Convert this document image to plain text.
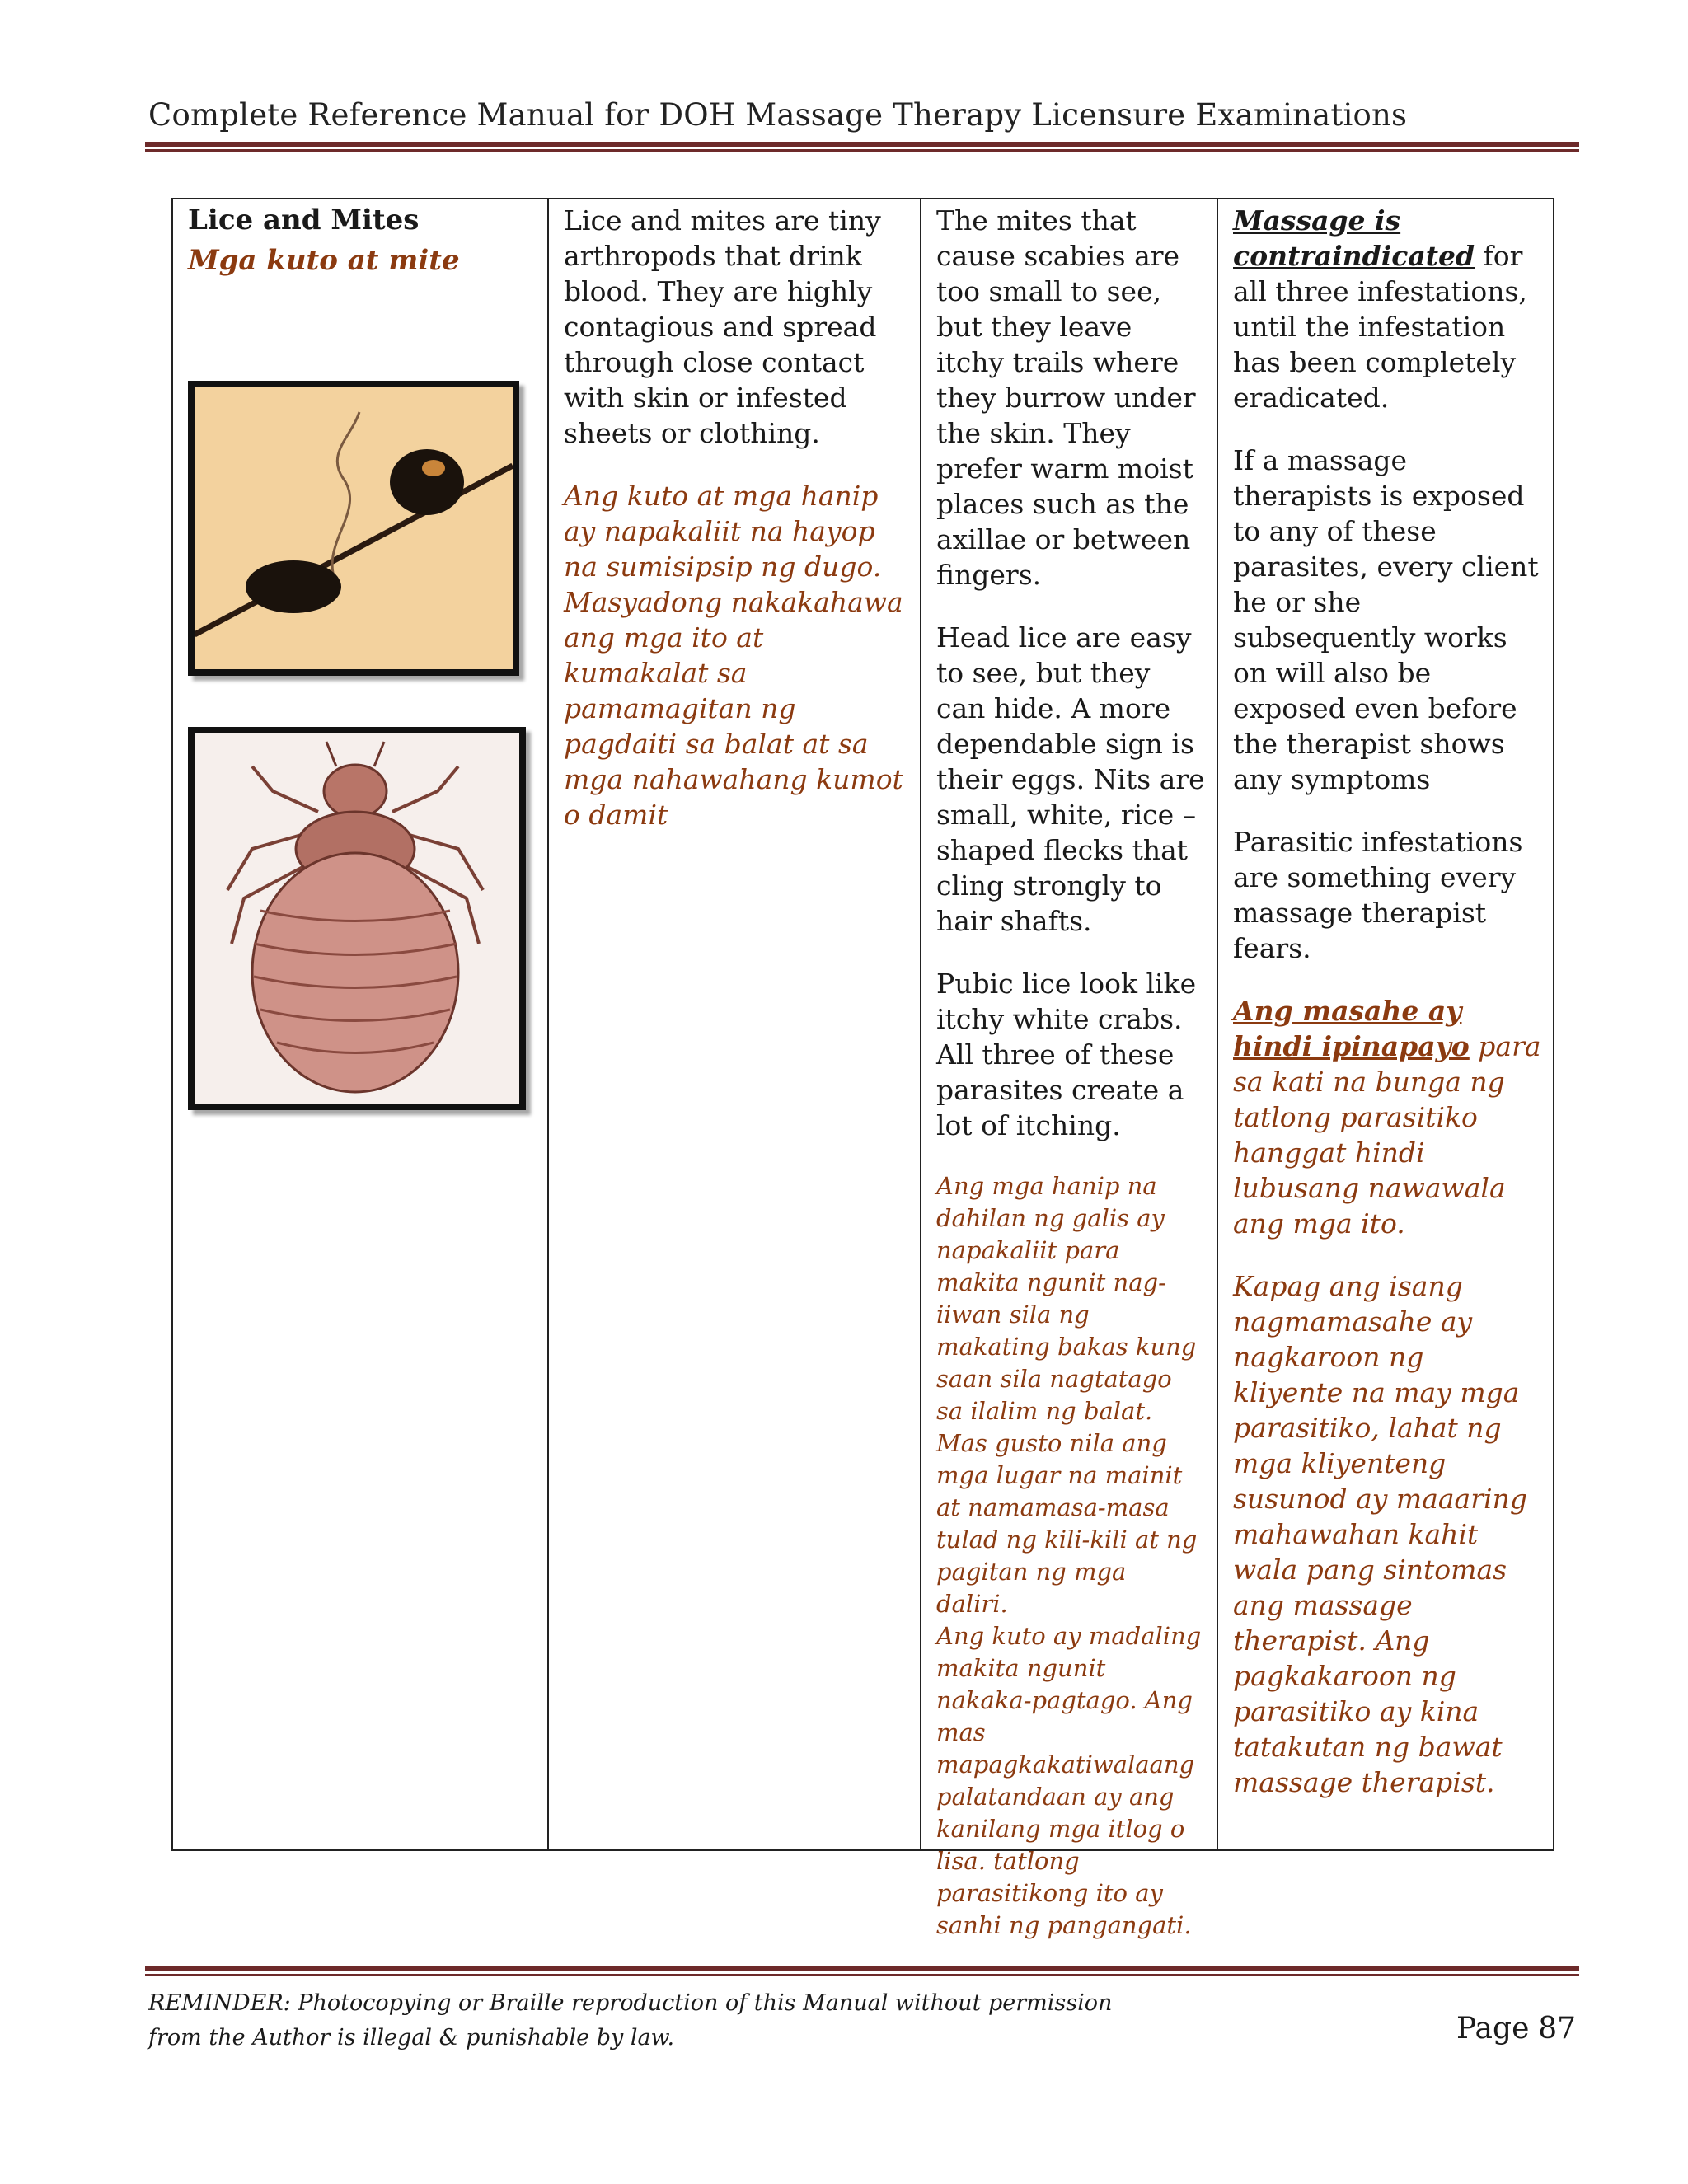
Complete Reference Manual for DOH Massage Therapy Licensure Examinations
Lice and Mites
Mga kuto at mite

Lice and mites are tiny arthropods that drink blood. They are highly contagious and spread through close contact with skin or infested sheets or clothing.

Ang kuto at mga hanip ay napakaliit na hayop na sumisipsip ng dugo. Masyadong nakakahawa ang mga ito at kumakalat sa pamamagitan ng pagdaiti sa balat at sa mga nahawahang kumot o damit

The mites that cause scabies are too small to see, but they leave itchy trails where they burrow under the skin. They prefer warm moist places such as the axillae or between fingers.

Head lice are easy to see, but they can hide. A more dependable sign is their eggs. Nits are small, white, rice – shaped flecks that cling strongly to hair shafts.

Pubic lice look like itchy white crabs. All three of these parasites create a lot of itching.

Ang mga hanip na dahilan ng galis ay napakaliit para makita ngunit nag-iiwan sila ng makating bakas kung saan sila nagtatago sa ilalim ng balat. Mas gusto nila ang mga lugar na mainit at namamasa-masa tulad ng kili-kili at ng pagitan ng mga daliri.

Ang kuto ay madaling makita ngunit nakaka-pagtago. Ang mas mapagkakatiwalaang palatandaan ay ang kanilang mga itlog o lisa. tatlong parasitikong ito ay sanhi ng pangangati.

Massage is contraindicated for all three infestations, until the infestation has been completely eradicated.

If a massage therapists is exposed to any of these parasites, every client he or she subsequently works on will also be exposed even before the therapist shows any symptoms

Parasitic infestations are something every massage therapist fears.

Ang masahe ay hindi ipinapayo para sa kati na bunga ng tatlong parasitiko hanggat hindi lubusang nawawala ang mga ito.

Kapag ang isang nagmamasahe ay nagkaroon ng kliyente na may mga parasitiko, lahat ng mga kliyenteng susunod ay maaaring mahawahan kahit wala pang sintomas ang massage therapist. Ang pagkakaroon ng parasitiko ay kina tatakutan ng bawat massage therapist.

REMINDER: Photocopying or Braille reproduction of this Manual without permission
from the Author is illegal & punishable by law.	Page 87
